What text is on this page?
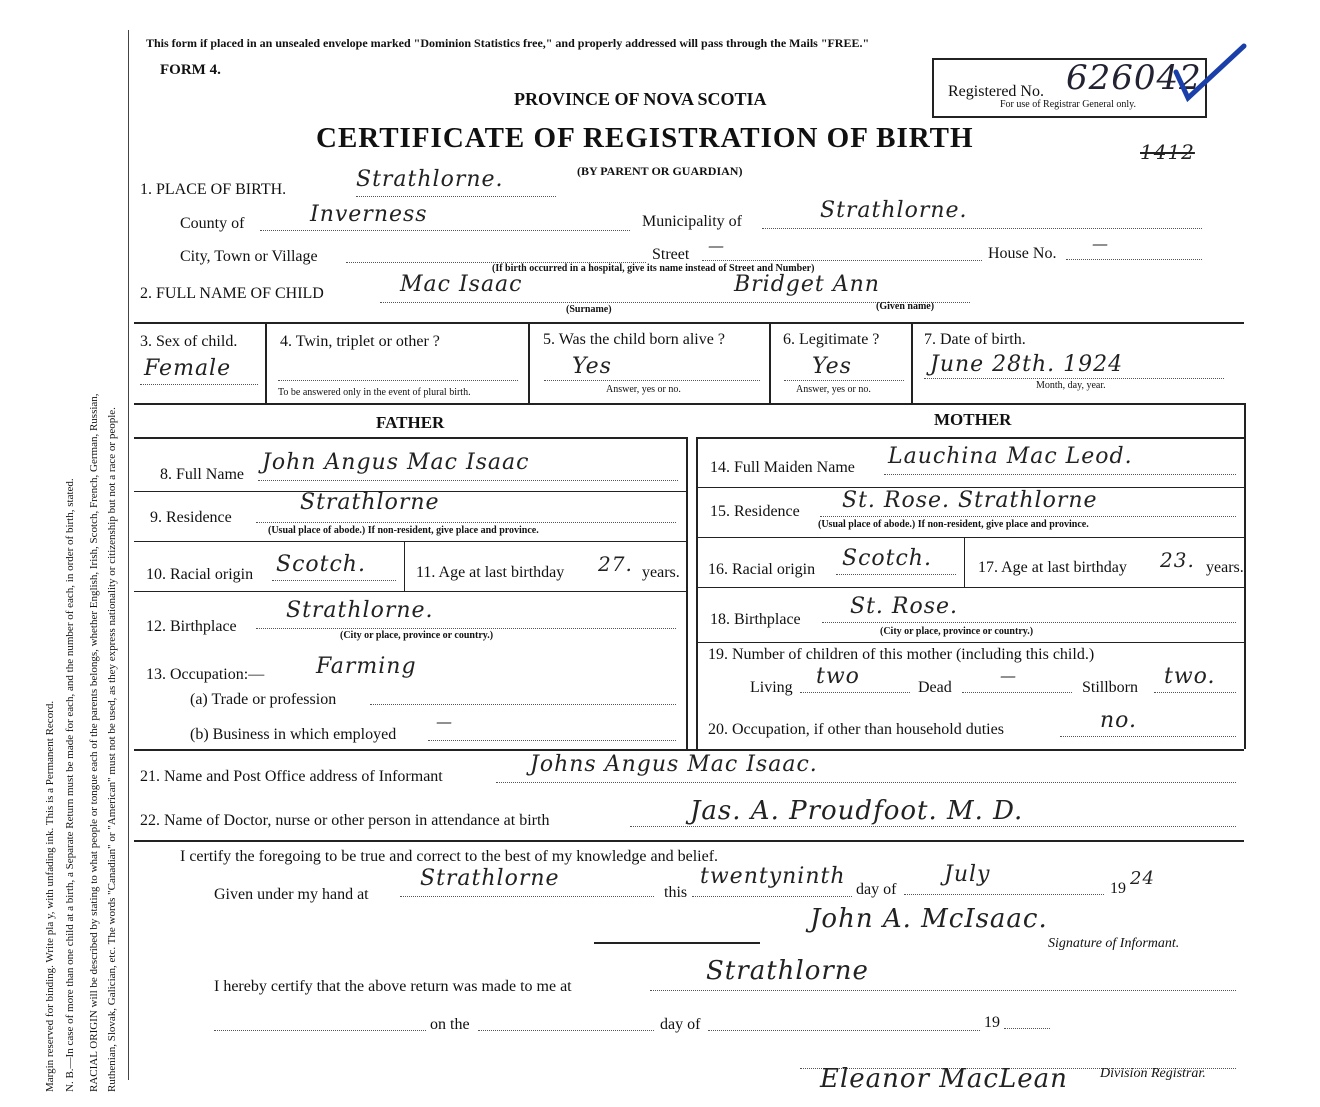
Margin reserved for binding. Write pla y, with unfading ink. This is a Permanent Record. N. B.—In case of more than one child at a birth, a Separate Return must be made for each, and the number of each, in order of birth, stated. RACIAL ORIGIN will be described by stating to what people or tongue each of the parents belongs, whether English, Irish, Scotch, French, German, Russian, Ruthenian, Slovak, Galician, etc. The words "Canadian" or "American" must not be used, as they express nationality or citizenship but not a race or people.
This form if placed in an unsealed envelope marked "Dominion Statistics free," and properly addressed will pass through the Mails "FREE."
FORM 4.
PROVINCE OF NOVA SCOTIA
CERTIFICATE OF REGISTRATION OF BIRTH
(BY PARENT OR GUARDIAN)
Registered No. 626042
For use of Registrar General only.
1412
1. PLACE OF BIRTH.	Strathlorne.
County of	Inverness	Municipality of	Strathlorne.
City, Town or Village	Street —	House No.
—
(If birth occurred in a hospital, give its name instead of Street and Number)
2. FULL NAME OF CHILD	Mac Isaac	Bridget Ann
(Surname)	(Given name)
3. Sex of child.
Female
4. Twin, triplet or other ?
To be answered only in the event of plural birth.
5. Was the child born alive ?
Yes
Answer, yes or no.
6. Legitimate ?
Yes
Answer, yes or no.
7. Date of birth.
June 28th. 1924
Month, day, year.
FATHER	MOTHER
8. Full Name John Angus Mac Isaac
9. Residence
Strathlorne
(Usual place of abode.) If non-resident, give place and province.
10. Racial origin Scotch.	11. Age at last birthday 27. years.
12. Birthplace
Strathlorne.
(City or place, province or country.)
13. Occupation:— Farming
(a) Trade or profession
(b) Business in which employed
—
14. Full Maiden Name Lauchina Mac Leod.
15. Residence St. Rose. Strathlorne
(Usual place of abode.) If non-resident, give place and province.
16. Racial origin Scotch.	17. Age at last birthday 23. years.
18. Birthplace
St. Rose.
(City or place, province or country.)
19. Number of children of this mother (including this child.)
Living two	Dead
—
Stillborn two.
20. Occupation, if other than household duties	no.
21. Name and Post Office address of Informant	Johns Angus Mac Isaac.
22. Name of Doctor, nurse or other person in attendance at birth	Jas. A. Proudfoot. M. D.
I certify the foregoing to be true and correct to the best of my knowledge and belief.
Given under my hand at
Strathlorne
this
twentyninth
day of
July
19 24
John A. McIsaac.
Signature of Informant.
I hereby certify that the above return was made to me at
Strathlorne
on the	day of	19
Division Registrar.
Eleanor MacLean
